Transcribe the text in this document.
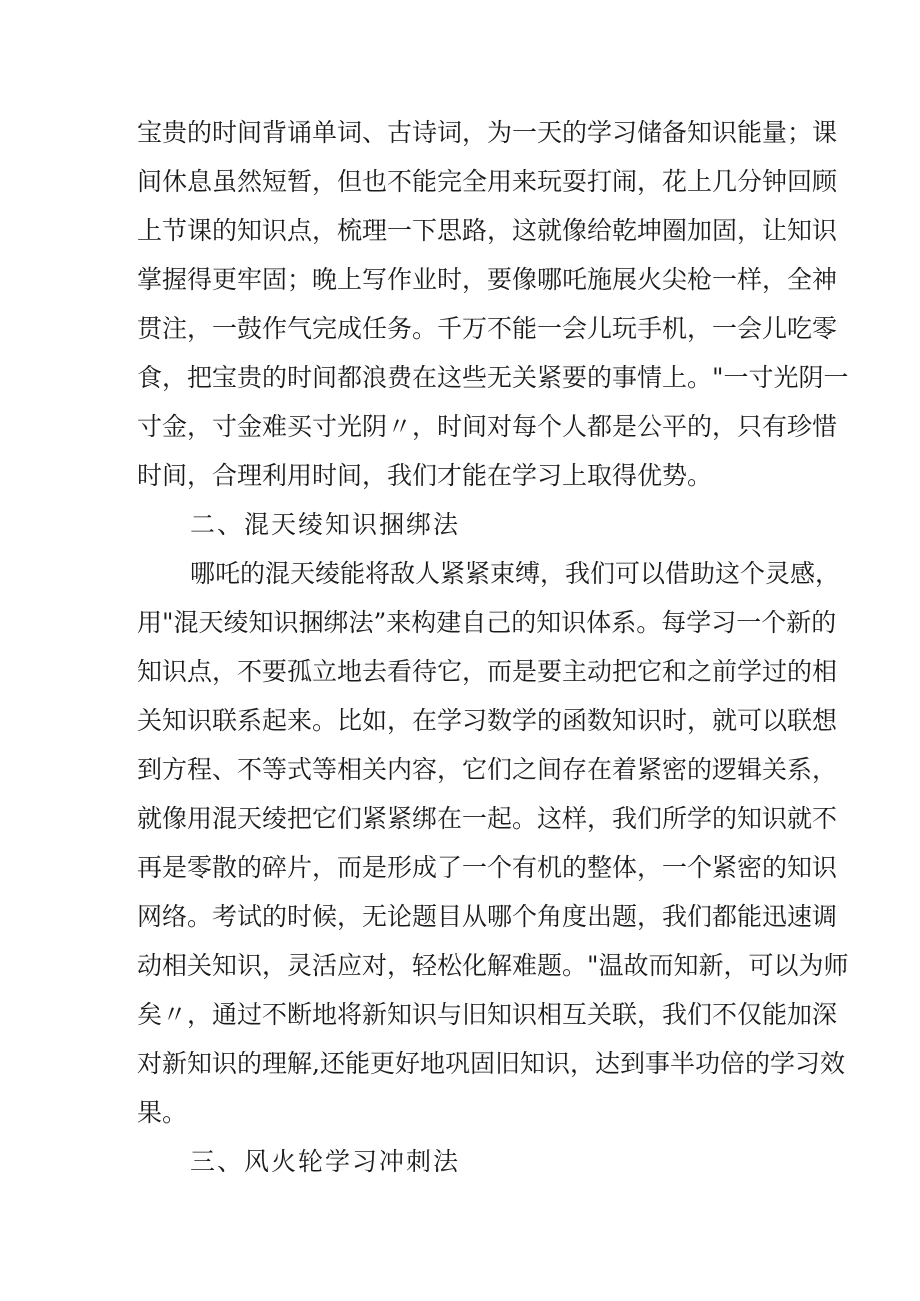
宝贵的时间背诵单词、古诗词，为一天的学习储备知识能量；课
间休息虽然短暂，但也不能完全用来玩耍打闹，花上几分钟回顾
上节课的知识点，梳理一下思路，这就像给乾坤圈加固，让知识
掌握得更牢固；晚上写作业时，要像哪吒施展火尖枪一样，全神
贯注，一鼓作气完成任务。千万不能一会儿玩手机，一会儿吃零
食，把宝贵的时间都浪费在这些无关紧要的事情上。"一寸光阴一
寸金，寸金难买寸光阴〃，时间对每个人都是公平的，只有珍惜
时间，合理利用时间，我们才能在学习上取得优势。
二、混天绫知识捆绑法
哪吒的混天绫能将敌人紧紧束缚，我们可以借助这个灵感，
用"混天绫知识捆绑法”来构建自己的知识体系。每学习一个新的
知识点，不要孤立地去看待它，而是要主动把它和之前学过的相
关知识联系起来。比如，在学习数学的函数知识时，就可以联想
到方程、不等式等相关内容，它们之间存在着紧密的逻辑关系，
就像用混天绫把它们紧紧绑在一起。这样，我们所学的知识就不
再是零散的碎片，而是形成了一个有机的整体，一个紧密的知识
网络。考试的时候，无论题目从哪个角度出题，我们都能迅速调
动相关知识，灵活应对，轻松化解难题。"温故而知新，可以为师
矣〃，通过不断地将新知识与旧知识相互关联，我们不仅能加深
对新知识的理解,还能更好地巩固旧知识，达到事半功倍的学习效
果。
三、风火轮学习冲刺法
